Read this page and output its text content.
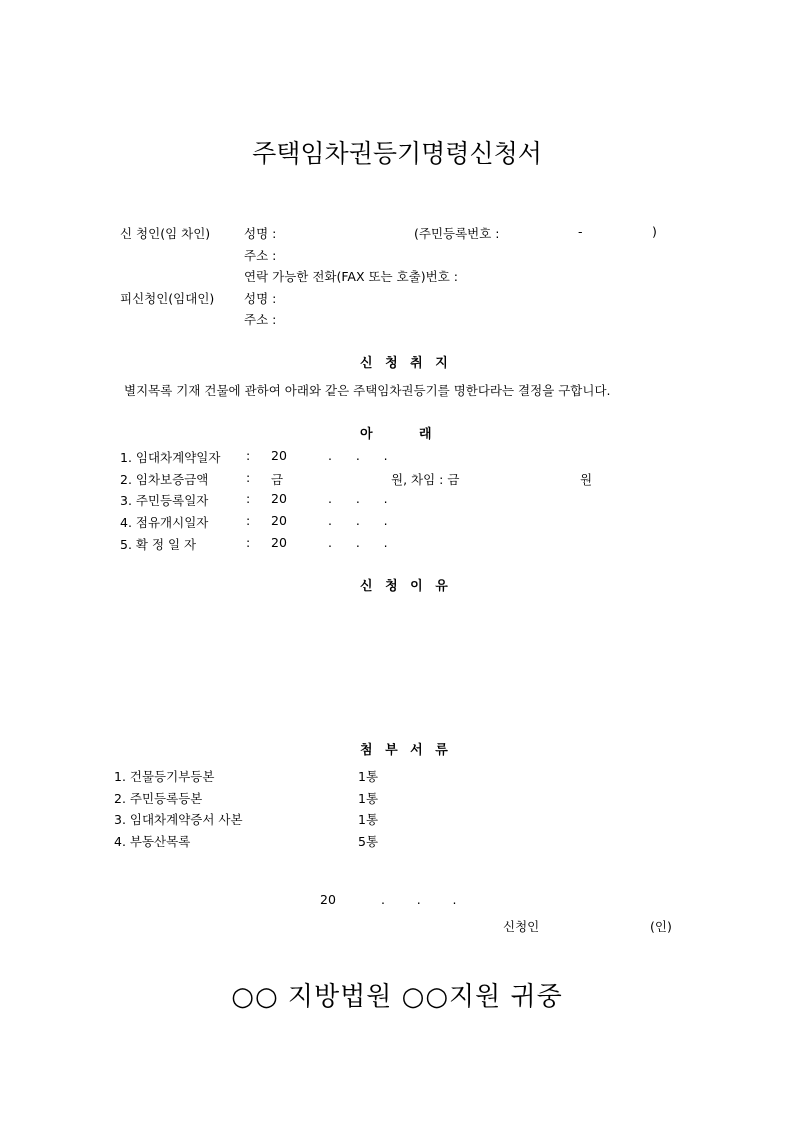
주택임차권등기명령신청서
신 청인(임 차인)	성명 :	(주민등록번호 :	-	)
주소 :
연락 가능한 전화(FAX 또는 호출)번호 :
피신청인(임대인) 성명 :
주소 :
신 청 취 지
별지목록 기재 건물에 관하여 아래와 같은 주택임차권등기를 명한다라는 결정을 구합니다.
아	래
1. 임대차계약일자 : 20	.      .      .
2. 임차보증금액	: 금	원, 차임 : 금	원
3. 주민등록일자	: 20	.      .      .
4. 점유개시일자	: 20	.      .      .
5. 확 정 일 자	: 20	.      .      .
신 청 이 유
첨 부 서 류
1. 건물등기부등본	1통
2. 주민등록등본	1통
3. 임대차계약증서 사본	1통
4. 부동산목록	5통
20	.        .        .
신청인	(인)
○○ 지방법원 ○○지원 귀중
